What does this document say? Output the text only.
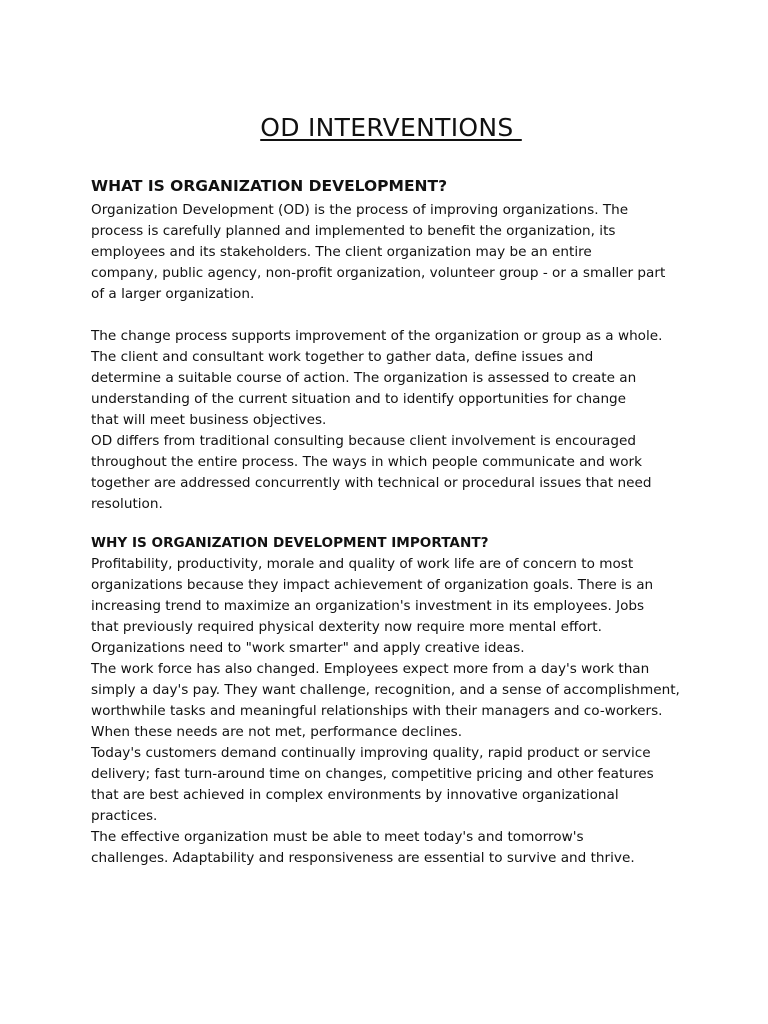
OD INTERVENTIONS
WHAT IS ORGANIZATION DEVELOPMENT?

Organization Development (OD) is the process of improving organizations. The
process is carefully planned and implemented to benefit the organization, its
employees and its stakeholders. The client organization may be an entire
company, public agency, non-profit organization, volunteer group - or a smaller part
of a larger organization.

The change process supports improvement of the organization or group as a whole.
The client and consultant work together to gather data, define issues and
determine a suitable course of action. The organization is assessed to create an
understanding of the current situation and to identify opportunities for change
that will meet business objectives.

OD differs from traditional consulting because client involvement is encouraged
throughout the entire process. The ways in which people communicate and work
together are addressed concurrently with technical or procedural issues that need
resolution.

WHY IS ORGANIZATION DEVELOPMENT IMPORTANT?

Profitability, productivity, morale and quality of work life are of concern to most
organizations because they impact achievement of organization goals. There is an
increasing trend to maximize an organization's investment in its employees. Jobs
that previously required physical dexterity now require more mental effort.
Organizations need to "work smarter" and apply creative ideas.

The work force has also changed. Employees expect more from a day's work than
simply a day's pay. They want challenge, recognition, and a sense of accomplishment,
worthwhile tasks and meaningful relationships with their managers and co-workers.
When these needs are not met, performance declines.

Today's customers demand continually improving quality, rapid product or service
delivery; fast turn-around time on changes, competitive pricing and other features
that are best achieved in complex environments by innovative organizational
practices.

The effective organization must be able to meet today's and tomorrow's
challenges. Adaptability and responsiveness are essential to survive and thrive.
